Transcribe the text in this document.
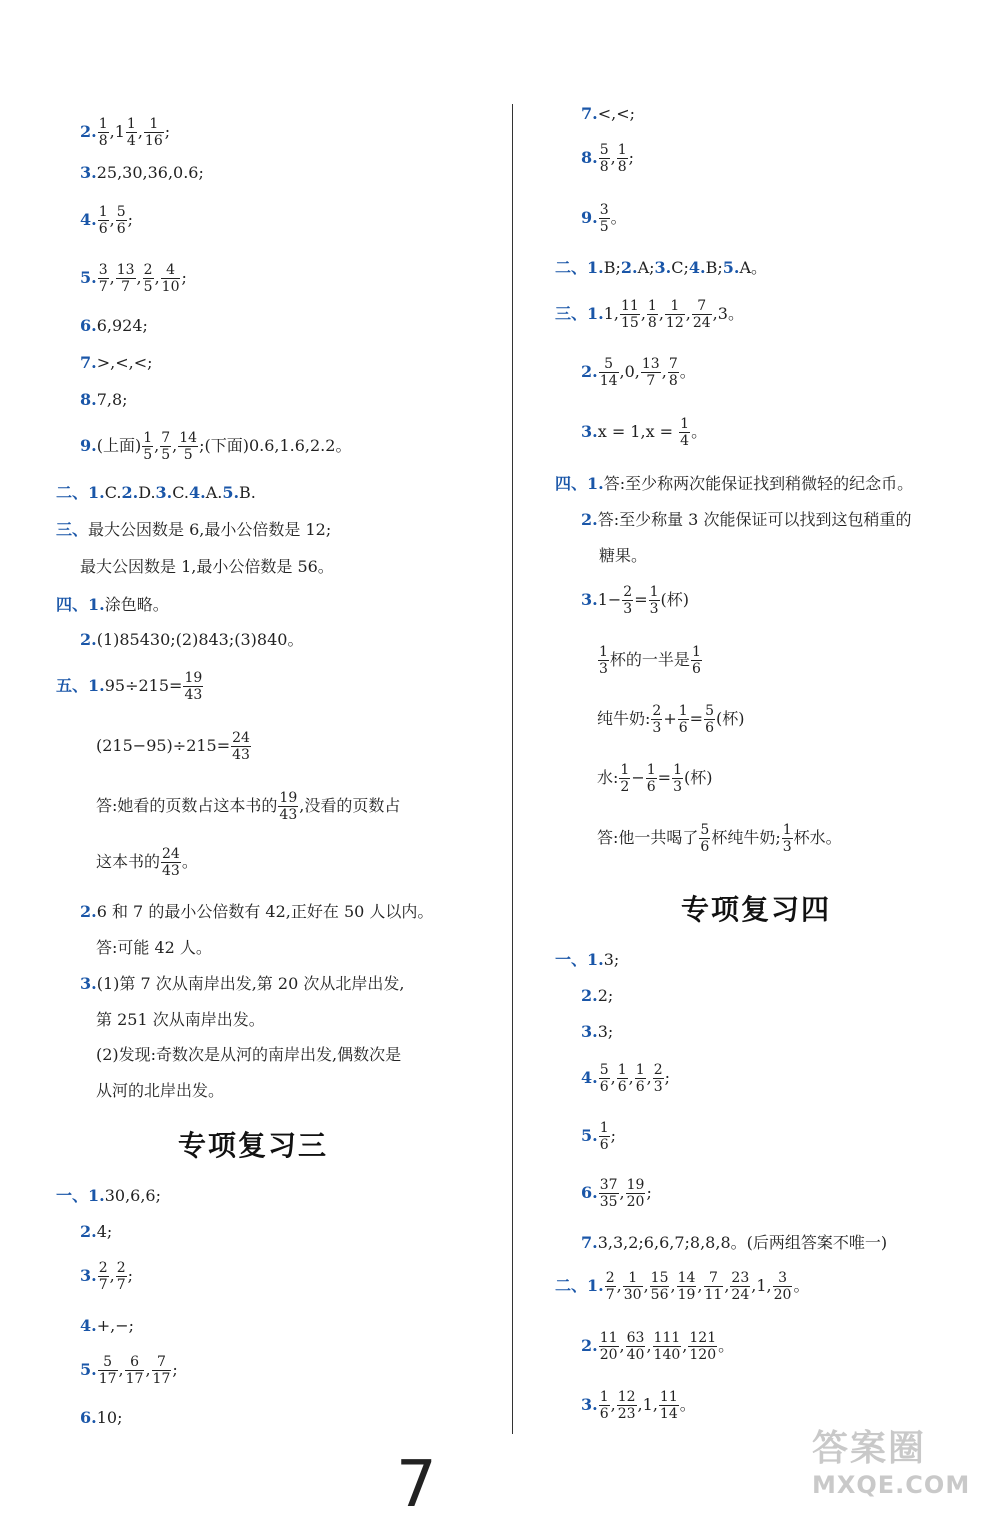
2. $\frac{1}{8} ,1 \frac{1}{4}$ , $\frac{1}{16}$ ;
3.25,30,36,0.6;
4. $\frac{1}{6}$ , $\frac{5}{6}$ ;
5. $\frac{3}{7}$ , $\frac{13}{7}$ , $\frac{2}{5}$ , $\frac{4}{10}$ ;
6.6,924;
7.>,<,<;
8.7,8;
9.(上面) $\frac{1}{5}$ , $\frac{7}{5}$ , $\frac{14}{5}$ ;(下面)0.6,1.6,2.2。
二、1.C.2.D.3.C.4.A.5.B.
三、最大公因数是 6,最小公倍数是 12;
最大公因数是 1,最小公倍数是 56。
四、1.涂色略。
2.(1)85430;(2)843;(3)840。
五、$1.95\div 215= \frac{19}{43}$
$(215-95)\div 215= \frac{24}{43}$
答:她看的页数占这本书的 $\frac{19}{43}$ ,没看的页数占
这本书的 $\frac{24}{43}$ 。
2.6 和 7 的最小公倍数有 42,正好在 50 人以内。
答:可能 42 人。
3.(1)第 7 次从南岸出发,第 20 次从北岸出发,
第 251 次从南岸出发。
(2)发现:奇数次是从河的南岸出发,偶数次是
从河的北岸出发。
专项复习三
一、1.30,6,6;
2.4;
3. $\frac{2}{7}$ , $\frac{2}{7}$ ;
4.+,−;
5. $\frac{5}{17}$ , $\frac{6}{17}$ , $\frac{7}{17}$ ;
6.10;
7.<,<;
8. $\frac{5}{8}$ , $\frac{1}{8}$ ;
9. $\frac{3}{5}$ 。
二、1.B;2.A;3.C;4.B;5.A。
三、1.1, $\frac{11}{15}$ , $\frac{1}{8}$ , $\frac{1}{12}$ , $\frac{7}{24} ,3$。
2. $\frac{5}{14} ,0$, $\frac{13}{7}$ , $\frac{7}{8}$ 。
$3.x = 1,x = \frac{1}{4}$ 。
四、1.答:至少称两次能保证找到稍微轻的纪念币。
2.答:至少称量 3 次能保证可以找到这包稍重的
糖果。
$3.1- \frac{2}{3} = \frac{1}{3}$ (杯)
$\frac{1}{3}$ 杯的一半是 $\frac{1}{6}$
纯牛奶: $\frac{2}{3} + \frac{1}{6} = \frac{5}{6}$ (杯)
水: $\frac{1}{2} - \frac{1}{6} = \frac{1}{3}$ (杯)
答:他一共喝了 $\frac{5}{6}$ 杯纯牛奶; $\frac{1}{3}$ 杯水。
专项复习四
一、1.3;
2.2;
3.3;
4. $\frac{5}{6}$ , $\frac{1}{6}$ , $\frac{1}{6}$ , $\frac{2}{3}$ ;
5. $\frac{1}{6}$ ;
6. $\frac{37}{35}$ , $\frac{19}{20}$ ;
7.3,3,2;6,6,7;8,8,8。(后两组答案不唯一)
二、1. $\frac{2}{7}$ , $\frac{1}{30}$ , $\frac{15}{56}$ , $\frac{14}{19}$ , $\frac{7}{11}$ , $\frac{23}{24} ,1$, $\frac{3}{20}$ 。
2. $\frac{11}{20}$ , $\frac{63}{40}$ , $\frac{111}{140}$ , $\frac{121}{120}$ 。
3. $\frac{1}{6}$ , $\frac{12}{23} ,1$, $\frac{11}{14}$ 。
7	答案圈
MXQE.COM
